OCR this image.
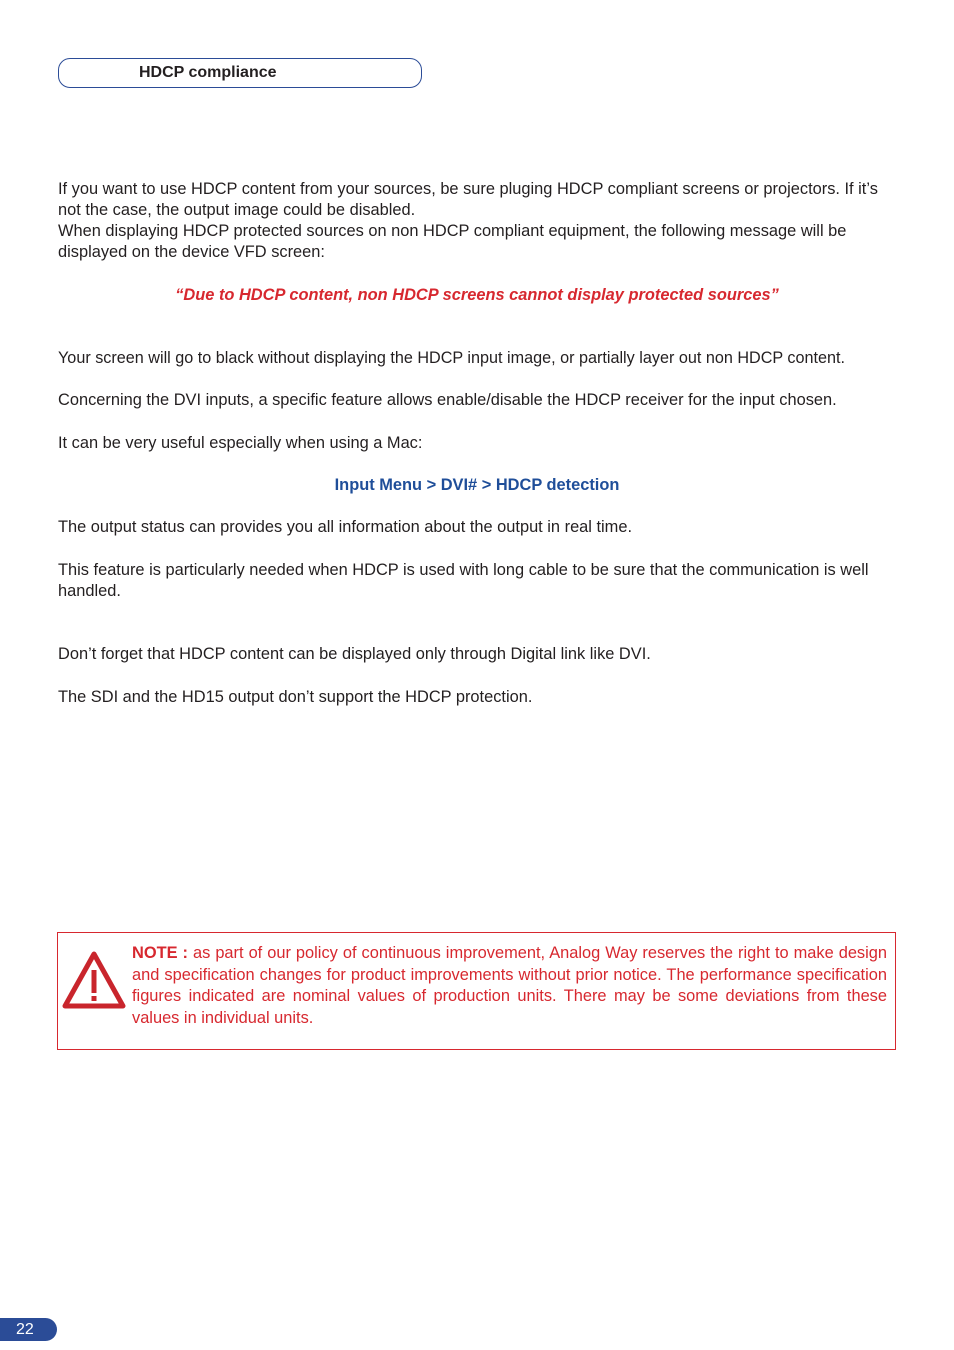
HDCP compliance

If you want to use HDCP content from your sources, be sure pluging HDCP compliant screens or projectors. If it’s not the case, the output image could be disabled.

When displaying HDCP protected sources on non HDCP compliant equipment, the following message will be displayed on the device VFD screen:

“Due to HDCP content, non HDCP screens cannot display protected sources”

Your screen will go to black without displaying the HDCP input image, or partially layer out non HDCP content.

Concerning the DVI inputs, a specific feature allows enable/disable the HDCP receiver for the input chosen.

It can be very useful especially when using a Mac:

Input Menu > DVI# > HDCP detection

The output status can provides you all information about the output in real time.

This feature is particularly needed when HDCP is used with long cable to be sure that the communication is well handled.

Don’t forget that HDCP content can be displayed only through Digital link like DVI.

The SDI and the HD15 output don’t support the HDCP protection.

NOTE : as part of our policy of continuous improvement, Analog Way reserves the right to make design and specification changes for product improvements without prior notice. The performance specification figures indicated are nominal values of production units. There may be some deviations from these values in individual units.

22
